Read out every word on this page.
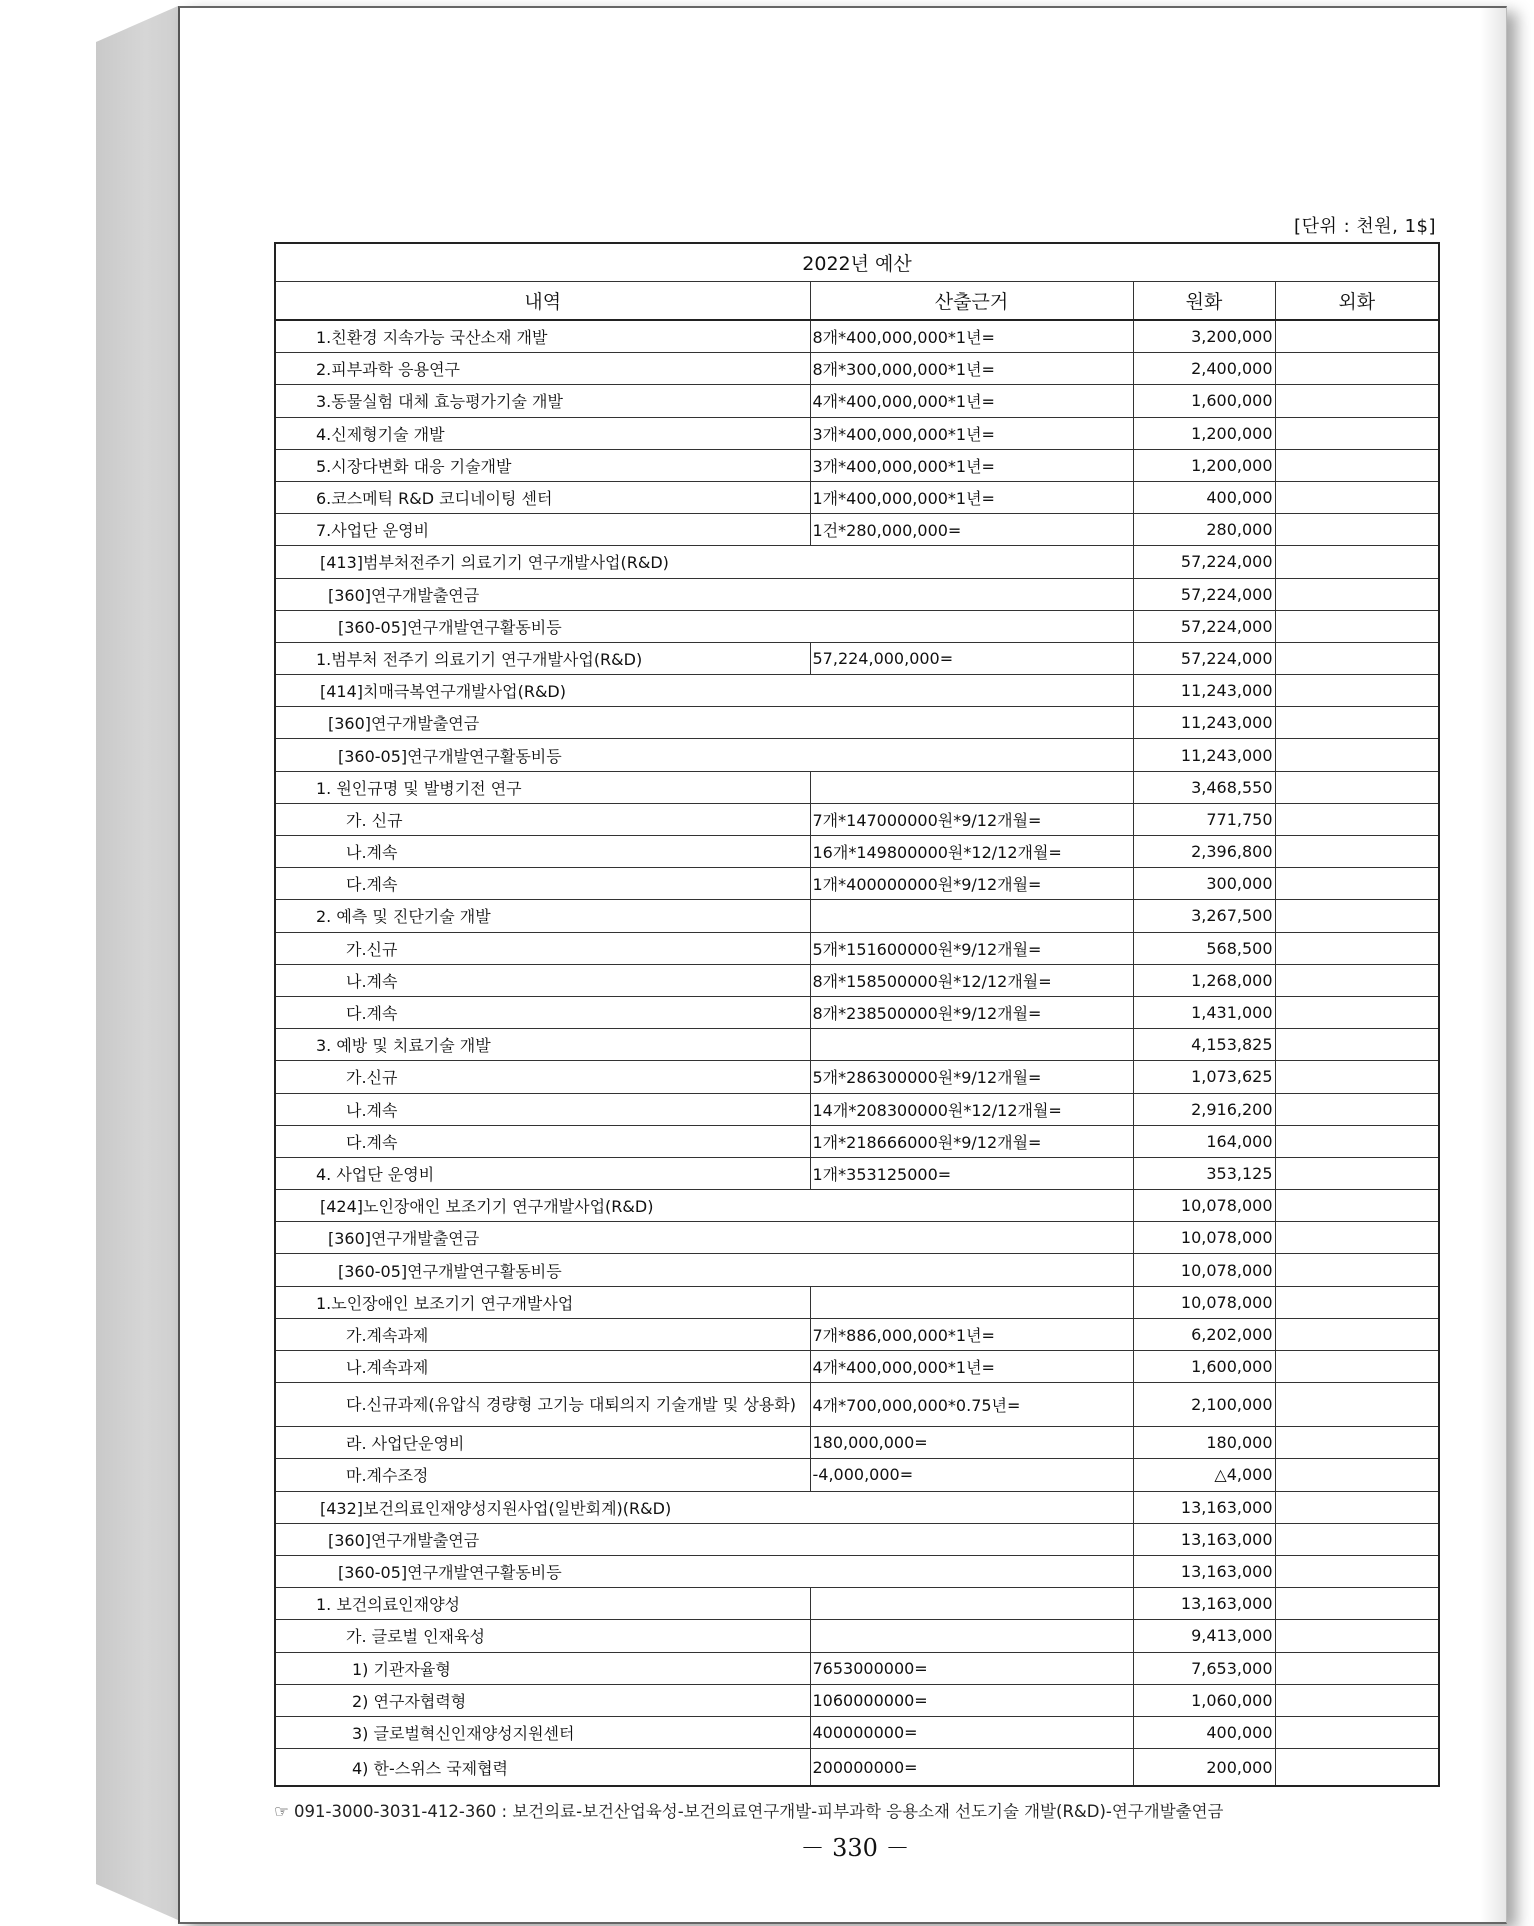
[단위 : 천원, 1$]
2022년 예산			
내역	산출근거	원화	외화
1.친환경 지속가능 국산소재 개발	8개*400,000,000*1년=	3,200,000	
2.피부과학 응용연구	8개*300,000,000*1년=	2,400,000	
3.동물실험 대체 효능평가기술 개발	4개*400,000,000*1년=	1,600,000	
4.신제형기술 개발	3개*400,000,000*1년=	1,200,000	
5.시장다변화 대응 기술개발	3개*400,000,000*1년=	1,200,000	
6.코스메틱 R&D 코디네이팅 센터	1개*400,000,000*1년=	400,000	
7.사업단 운영비	1건*280,000,000=	280,000	
[413]범부처전주기 의료기기 연구개발사업(R&D)		57,224,000	
[360]연구개발출연금		57,224,000	
[360-05]연구개발연구활동비등		57,224,000	
1.범부처 전주기 의료기기 연구개발사업(R&D)	57,224,000,000=	57,224,000	
[414]치매극복연구개발사업(R&D)		11,243,000	
[360]연구개발출연금		11,243,000	
[360-05]연구개발연구활동비등		11,243,000	
1. 원인규명 및 발병기전 연구		3,468,550	
가. 신규	7개*147000000원*9/12개월=	771,750	
나.계속	16개*149800000원*12/12개월=	2,396,800	
다.계속	1개*400000000원*9/12개월=	300,000	
2. 예측 및 진단기술 개발		3,267,500	
가.신규	5개*151600000원*9/12개월=	568,500	
나.계속	8개*158500000원*12/12개월=	1,268,000	
다.계속	8개*238500000원*9/12개월=	1,431,000	
3. 예방 및 치료기술 개발		4,153,825	
가.신규	5개*286300000원*9/12개월=	1,073,625	
나.계속	14개*208300000원*12/12개월=	2,916,200	
다.계속	1개*218666000원*9/12개월=	164,000	
4. 사업단 운영비	1개*353125000=	353,125	
[424]노인장애인 보조기기 연구개발사업(R&D)		10,078,000	
[360]연구개발출연금		10,078,000	
[360-05]연구개발연구활동비등		10,078,000	
1.노인장애인 보조기기 연구개발사업		10,078,000	
가.계속과제	7개*886,000,000*1년=	6,202,000	
나.계속과제	4개*400,000,000*1년=	1,600,000	
다.신규과제(유압식 경량형 고기능 대퇴의지 기술개발 및 상용화)	4개*700,000,000*0.75년=	2,100,000	
라. 사업단운영비	180,000,000=	180,000	
마.계수조정	-4,000,000=	△4,000	
[432]보건의료인재양성지원사업(일반회계)(R&D)		13,163,000	
[360]연구개발출연금		13,163,000	
[360-05]연구개발연구활동비등		13,163,000	
1. 보건의료인재양성		13,163,000	
가. 글로벌 인재육성		9,413,000	
1) 기관자율형	7653000000=	7,653,000	
2) 연구자협력형	1060000000=	1,060,000	
3) 글로벌혁신인재양성지원센터	400000000=	400,000	
4) 한-스위스 국제협력	200000000=	200,000	
☞ 091-3000-3031-412-360 : 보건의료-보건산업육성-보건의료연구개발-피부과학 응용소재 선도기술 개발(R&D)-연구개발출연금
－ 330 －
